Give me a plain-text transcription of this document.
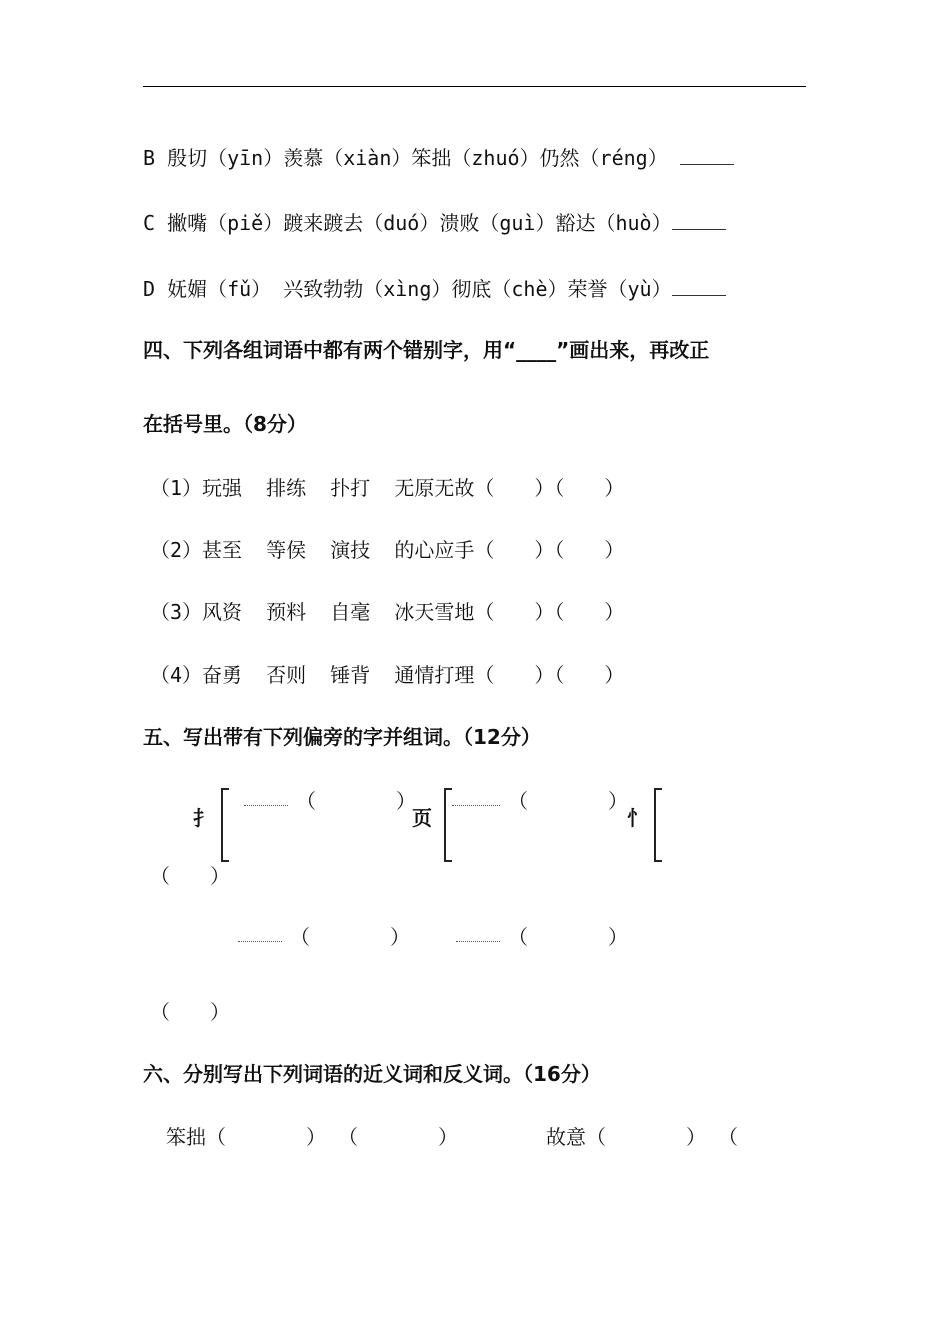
B 殷切（yīn）羡慕（xiàn）笨拙（zhuó）仍然（réng）
C 撇嘴（piě）踱来踱去（duó）溃败（guì）豁达（huò）
D 妩媚（fǔ） 兴致勃勃（xìng）彻底（chè）荣誉（yù）
四、下列各组词语中都有两个错别字，用“____”画出来，再改正
在括号里。（8分）
（1）玩强 排练 扑打 无原无故（　　）（　　）
（2）甚至 等侯 演技 的心应手（　　）（　　）
（3）风资 预料 自毫 冰天雪地（　　）（　　）
（4）奋勇 否则 锤背 通情打理（　　）（　　）
五、写出带有下列偏旁的字并组词。（12分）
扌
（　　　　）
页
（　　　　）
忄
（　　）
（　　　　）	（　　　　）
（　　）
六、分别写出下列词语的近义词和反义词。（16分）
笨拙（　　　　） （　　　　）	故意（　　　　） （
